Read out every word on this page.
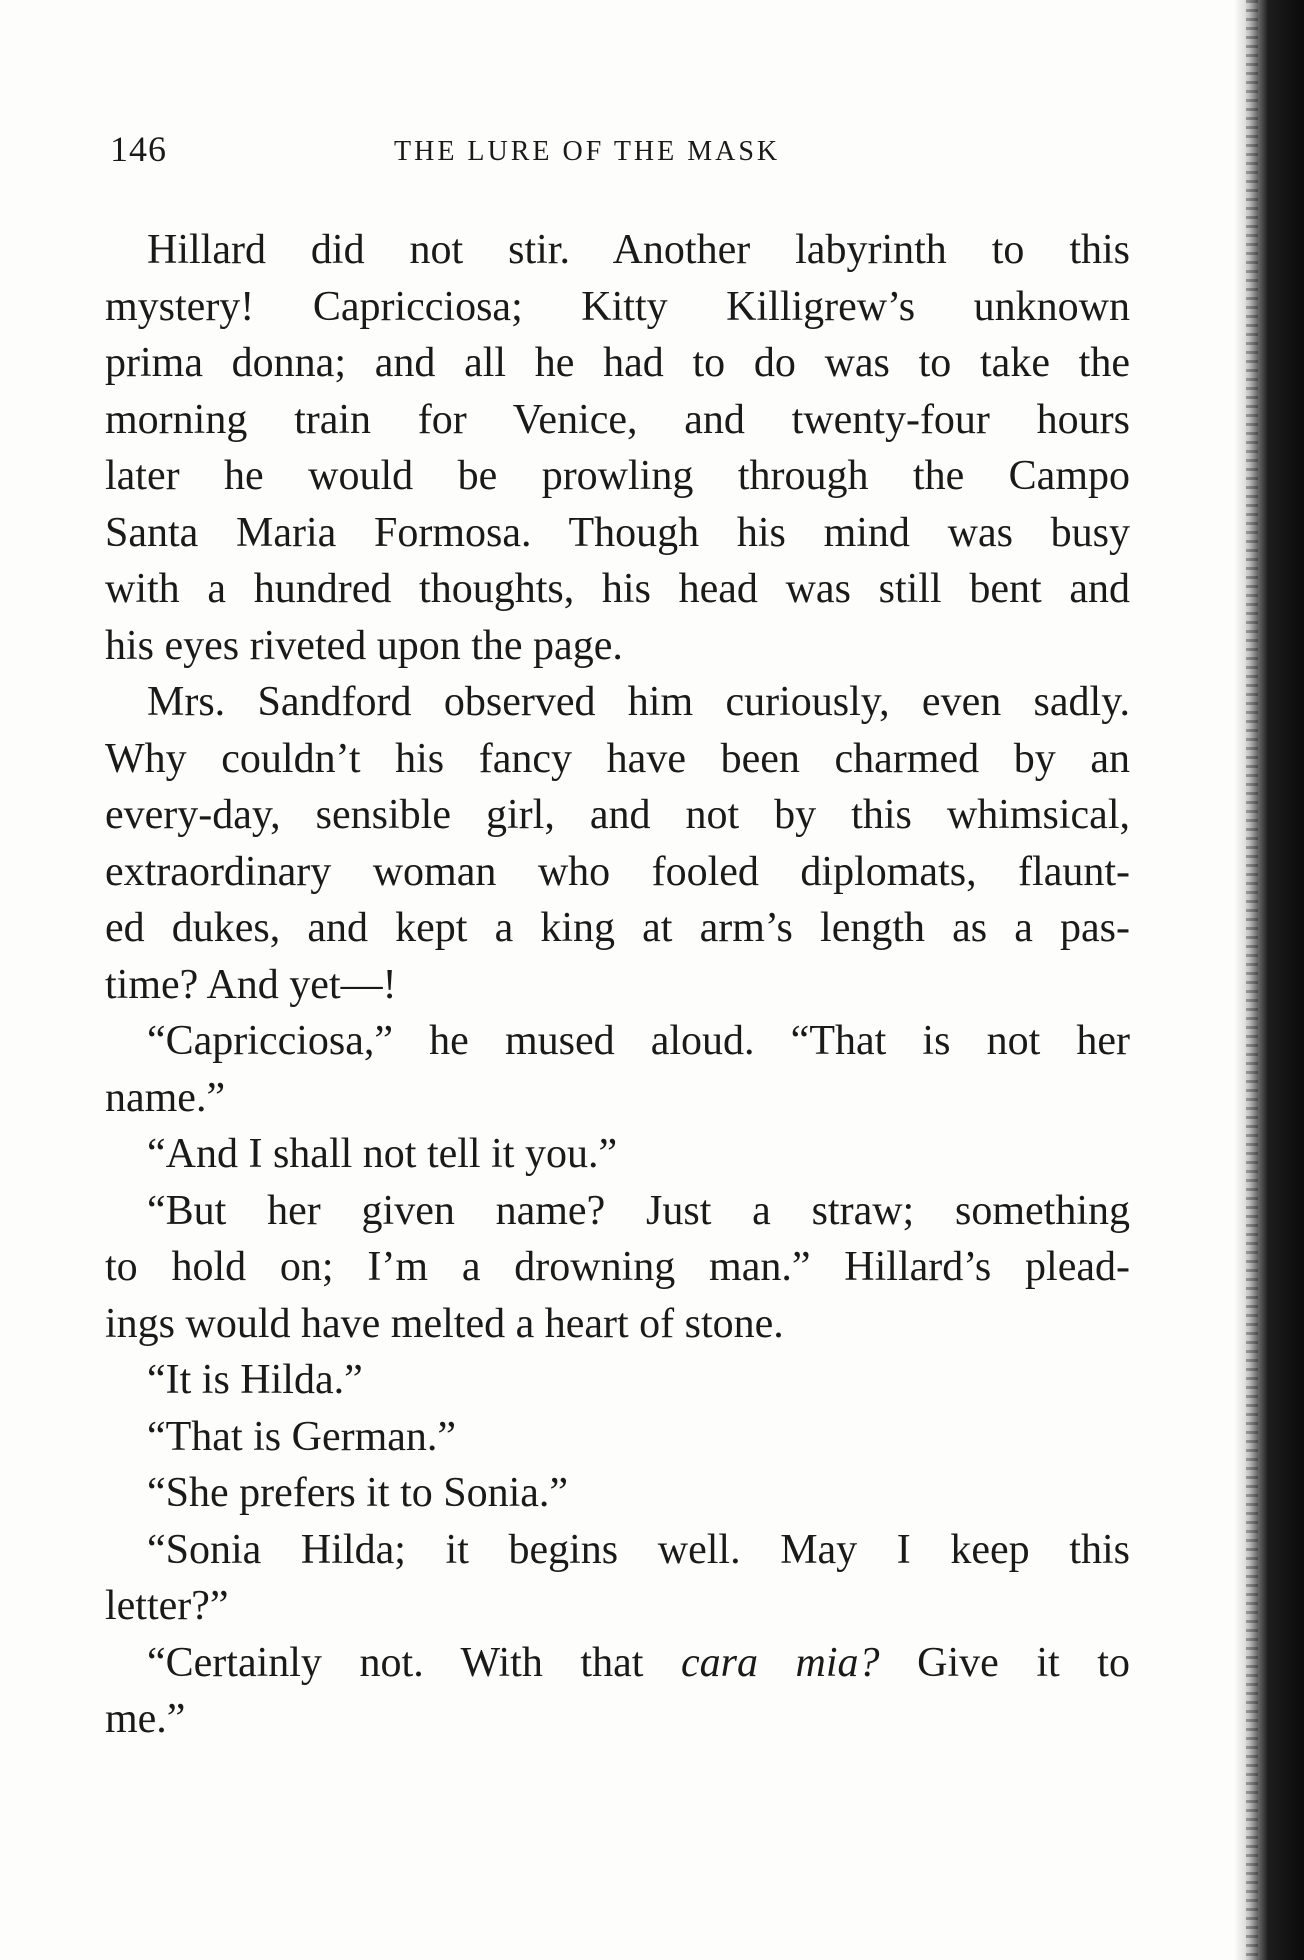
146	THE LURE OF THE MASK
Hillard did not stir. Another labyrinth to this
mystery! Capricciosa; Kitty Killigrew’s unknown
prima donna; and all he had to do was to take the
morning train for Venice, and twenty-four hours
later he would be prowling through the Campo
Santa Maria Formosa. Though his mind was busy
with a hundred thoughts, his head was still bent and
his eyes riveted upon the page.
Mrs. Sandford observed him curiously, even sadly.
Why couldn’t his fancy have been charmed by an
every-day, sensible girl, and not by this whimsical,
extraordinary woman who fooled diplomats, flaunt-
ed dukes, and kept a king at arm’s length as a pas-
time? And yet—!
“Capricciosa,” he mused aloud. “That is not her
name.”
“And I shall not tell it you.”
“But her given name? Just a straw; something
to hold on; I’m a drowning man.” Hillard’s plead-
ings would have melted a heart of stone.
“It is Hilda.”
“That is German.”
“She prefers it to Sonia.”
“Sonia Hilda; it begins well. May I keep this
letter?”
“Certainly not. With that cara mia? Give it to
me.”
